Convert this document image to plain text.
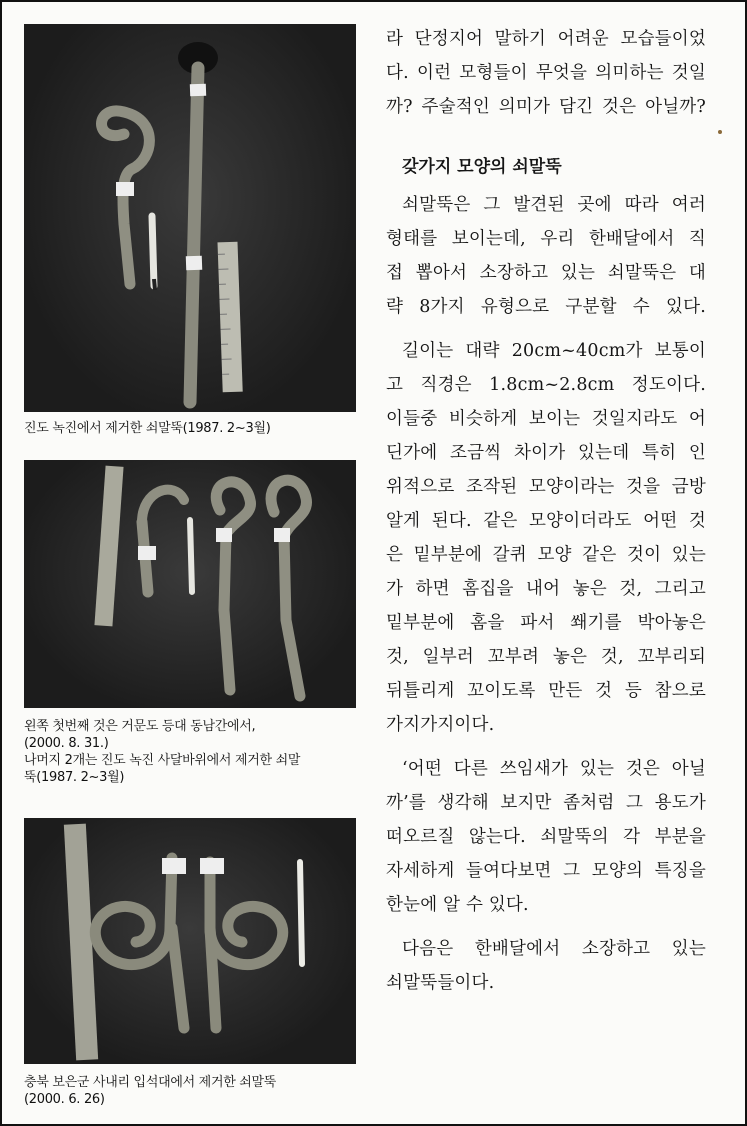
진도 녹진에서 제거한 쇠말뚝(1987. 2~3월)
왼쪽 첫번째 것은 거문도 등대 동남간에서,
(2000. 8. 31.)
나머지 2개는 진도 녹진 사달바위에서 제거한 쇠말
뚝(1987. 2~3월)
충북 보은군 사내리 입석대에서 제거한 쇠말뚝
(2000. 6. 26)
라 단정지어 말하기 어려운 모습들이었
다. 이런 모형들이 무엇을 의미하는 것일
까? 주술적인 의미가 담긴 것은 아닐까?
갖가지 모양의 쇠말뚝
쇠말뚝은 그 발견된 곳에 따라 여러
형태를 보이는데, 우리 한배달에서 직
접 뽑아서 소장하고 있는 쇠말뚝은 대
략 8가지 유형으로 구분할 수 있다.
길이는 대략 20cm~40cm가 보통이
고 직경은 1.8cm~2.8cm 정도이다.
이들중 비슷하게 보이는 것일지라도 어
딘가에 조금씩 차이가 있는데 특히 인
위적으로 조작된 모양이라는 것을 금방
알게 된다. 같은 모양이더라도 어떤 것
은 밑부분에 갈퀴 모양 같은 것이 있는
가 하면 홈집을 내어 놓은 것, 그리고
밑부분에 홈을 파서 쐐기를 박아놓은
것, 일부러 꼬부려 놓은 것, 꼬부리되
뒤틀리게 꼬이도록 만든 것 등 참으로
가지가지이다.
‘어떤 다른 쓰임새가 있는 것은 아닐
까’를 생각해 보지만 좀처럼 그 용도가
떠오르질 않는다. 쇠말뚝의 각 부분을
자세하게 들여다보면 그 모양의 특징을
한눈에 알 수 있다.
다음은 한배달에서 소장하고 있는
쇠말뚝들이다.
